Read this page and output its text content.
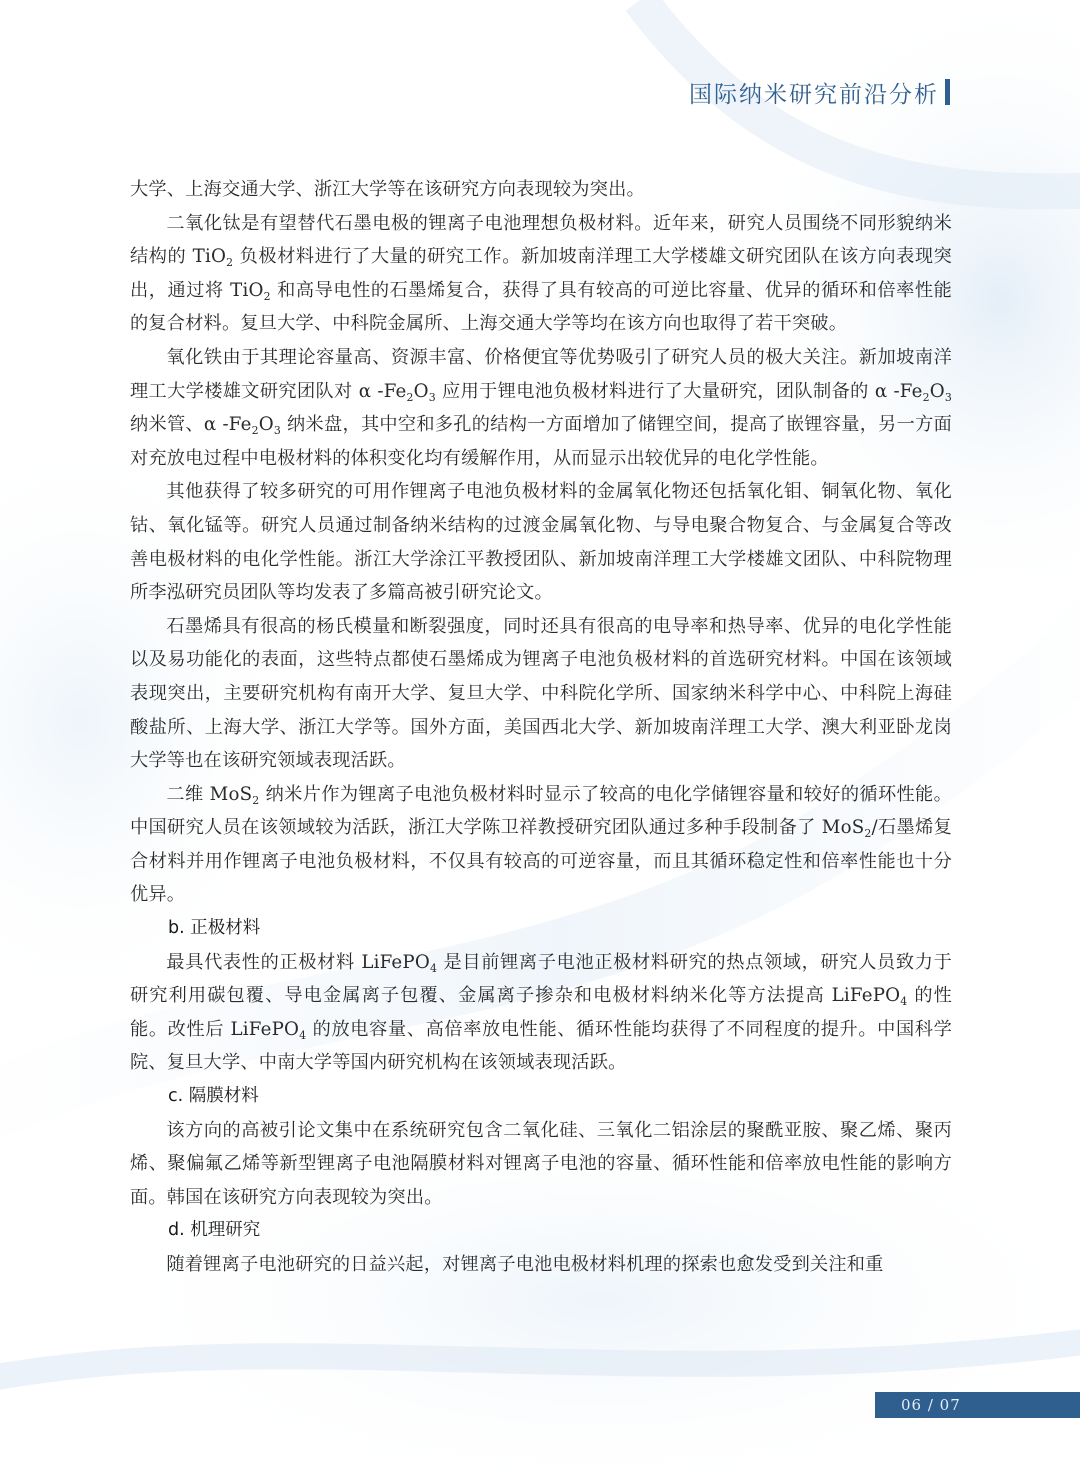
国际纳米研究前沿分析

大学、上海交通大学、浙江大学等在该研究方向表现较为突出。

二氧化钛是有望替代石墨电极的锂离子电池理想负极材料。近年来，研究人员围绕不同形貌纳米结构的 TiO$_2$ 负极材料进行了大量的研究工作。新加坡南洋理工大学楼雄文研究团队在该方向表现突出，通过将 TiO$_2$ 和高导电性的石墨烯复合，获得了具有较高的可逆比容量、优异的循环和倍率性能的复合材料。复旦大学、中科院金属所、上海交通大学等均在该方向也取得了若干突破。

氧化铁由于其理论容量高、资源丰富、价格便宜等优势吸引了研究人员的极大关注。新加坡南洋理工大学楼雄文研究团队对 α $-Fe_2O_3$ 应用于锂电池负极材料进行了大量研究，团队制备的 α $-Fe_2O_3$ 纳米管、α $-Fe_2O_3$ 纳米盘，其中空和多孔的结构一方面增加了储锂空间，提高了嵌锂容量，另一方面对充放电过程中电极材料的体积变化均有缓解作用，从而显示出较优异的电化学性能。

其他获得了较多研究的可用作锂离子电池负极材料的金属氧化物还包括氧化钼、铜氧化物、氧化钴、氧化锰等。研究人员通过制备纳米结构的过渡金属氧化物、与导电聚合物复合、与金属复合等改善电极材料的电化学性能。浙江大学涂江平教授团队、新加坡南洋理工大学楼雄文团队、中科院物理所李泓研究员团队等均发表了多篇高被引研究论文。

石墨烯具有很高的杨氏模量和断裂强度，同时还具有很高的电导率和热导率、优异的电化学性能以及易功能化的表面，这些特点都使石墨烯成为锂离子电池负极材料的首选研究材料。中国在该领域表现突出，主要研究机构有南开大学、复旦大学、中科院化学所、国家纳米科学中心、中科院上海硅酸盐所、上海大学、浙江大学等。国外方面，美国西北大学、新加坡南洋理工大学、澳大利亚卧龙岗大学等也在该研究领域表现活跃。

二维 MoS$_2$ 纳米片作为锂离子电池负极材料时显示了较高的电化学储锂容量和较好的循环性能。中国研究人员在该领域较为活跃，浙江大学陈卫祥教授研究团队通过多种手段制备了 MoS$_2$/石墨烯复合材料并用作锂离子电池负极材料，不仅具有较高的可逆容量，而且其循环稳定性和倍率性能也十分优异。

b. 正极材料

最具代表性的正极材料 LiFePO$_4$ 是目前锂离子电池正极材料研究的热点领域，研究人员致力于研究利用碳包覆、导电金属离子包覆、金属离子掺杂和电极材料纳米化等方法提高 LiFePO$_4$ 的性能。改性后 LiFePO$_4$ 的放电容量、高倍率放电性能、循环性能均获得了不同程度的提升。中国科学院、复旦大学、中南大学等国内研究机构在该领域表现活跃。

c. 隔膜材料

该方向的高被引论文集中在系统研究包含二氧化硅、三氧化二铝涂层的聚酰亚胺、聚乙烯、聚丙烯、聚偏氟乙烯等新型锂离子电池隔膜材料对锂离子电池的容量、循环性能和倍率放电性能的影响方面。韩国在该研究方向表现较为突出。

d. 机理研究

随着锂离子电池研究的日益兴起，对锂离子电池电极材料机理的探索也愈发受到关注和重

06 / 07
